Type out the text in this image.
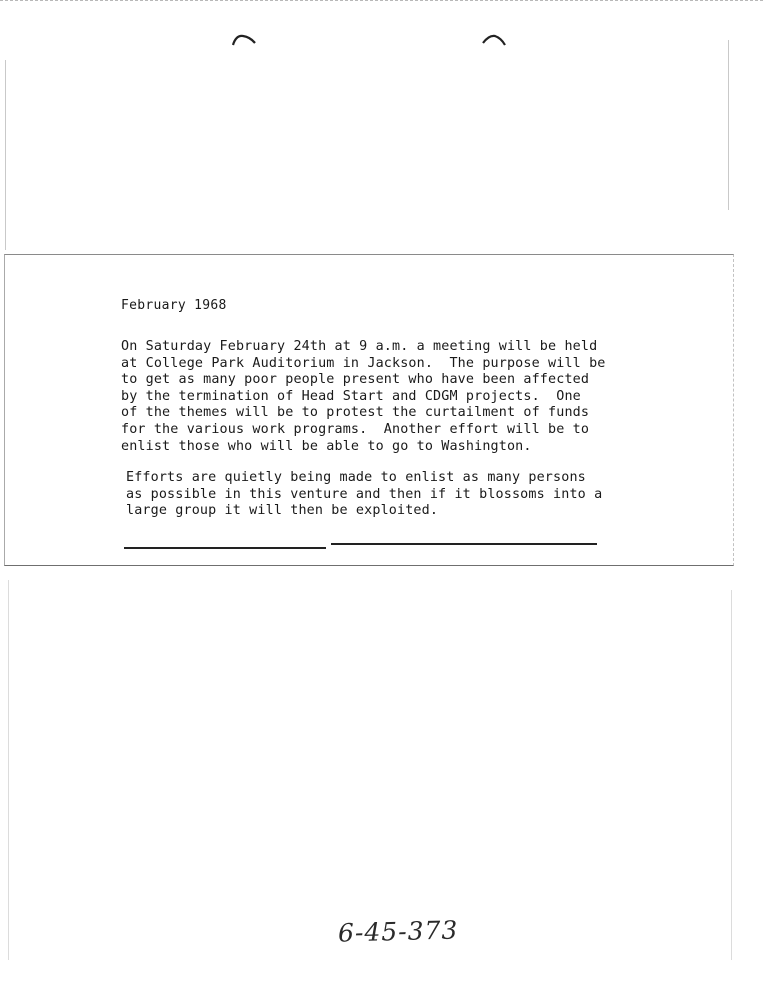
February 1968

On Saturday February 24th at 9 a.m. a meeting will be held
at College Park Auditorium in Jackson.  The purpose will be
to get as many poor people present who have been affected
by the termination of Head Start and CDGM projects.  One
of the themes will be to protest the curtailment of funds
for the various work programs.  Another effort will be to
enlist those who will be able to go to Washington.
Efforts are quietly being made to enlist as many persons
as possible in this venture and then if it blossoms into a
large group it will then be exploited.

6-45-373
